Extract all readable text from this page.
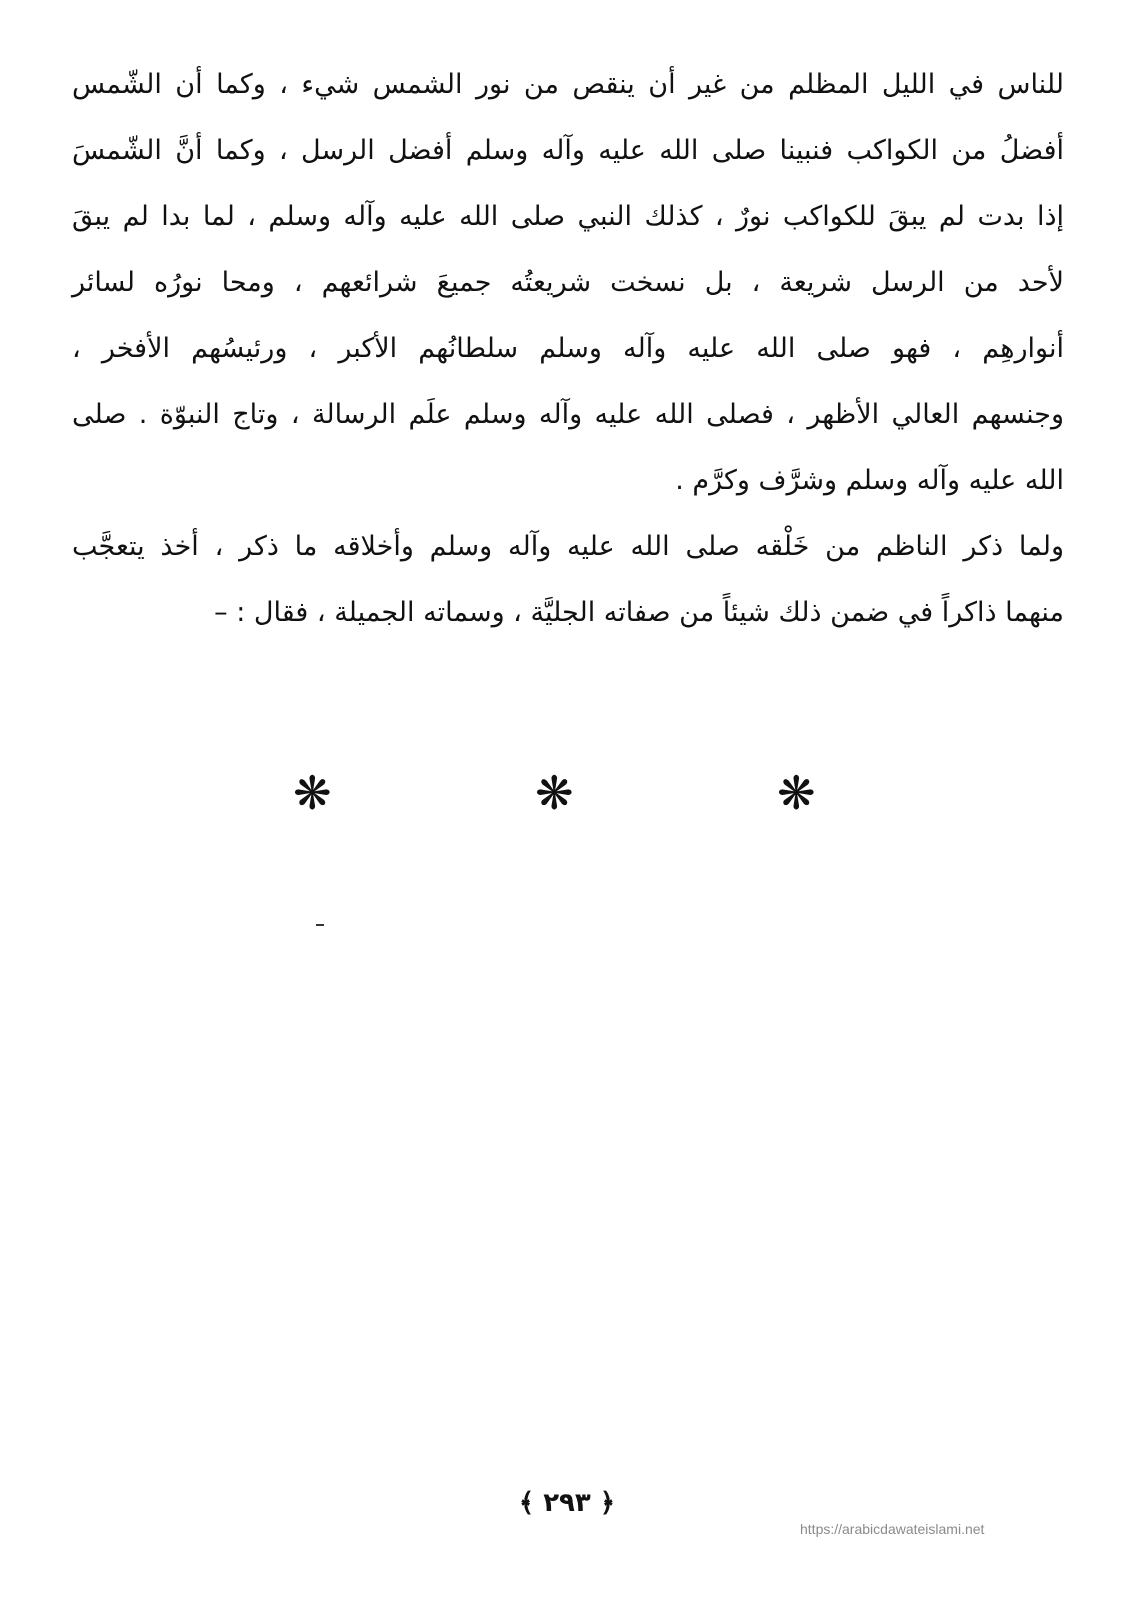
للناس في الليل المظلم من غير أن ينقص من نور الشمس شيء ، وكما أن الشّمس
أفضلُ من الكواكب فنبينا صلى الله عليه وآله وسلم أفضل الرسل ، وكما أنَّ الشّمسَ
إذا بدت لم يبقَ للكواكب نورٌ ، كذلك النبي صلى الله عليه وآله وسلم ، لما بدا لم يبقَ
لأحد من الرسل شريعة ، بل نسخت شريعتُه جميعَ شرائعهم ، ومحا نورُه لسائر
أنوارهِم ، فهو صلى الله عليه وآله وسلم سلطانُهم الأكبر ، ورئيسُهم الأفخر ،
وجنسهم العالي الأظهر ، فصلى الله عليه وآله وسلم علَم الرسالة ، وتاج النبوّة . صلى
الله عليه وآله وسلم وشرَّف وكرَّم .
ولما ذكر الناظم من خَلْقه صلى الله عليه وآله وسلم وأخلاقه ما ذكر ، أخذ يتعجَّب
منهما ذاكراً في ضمن ذلك شيئاً من صفاته الجليَّة ، وسماته الجميلة ، فقال : –
❋	❋	❋
﴿ ٢٩٣ ﴾
https://arabicdawateislami.net
